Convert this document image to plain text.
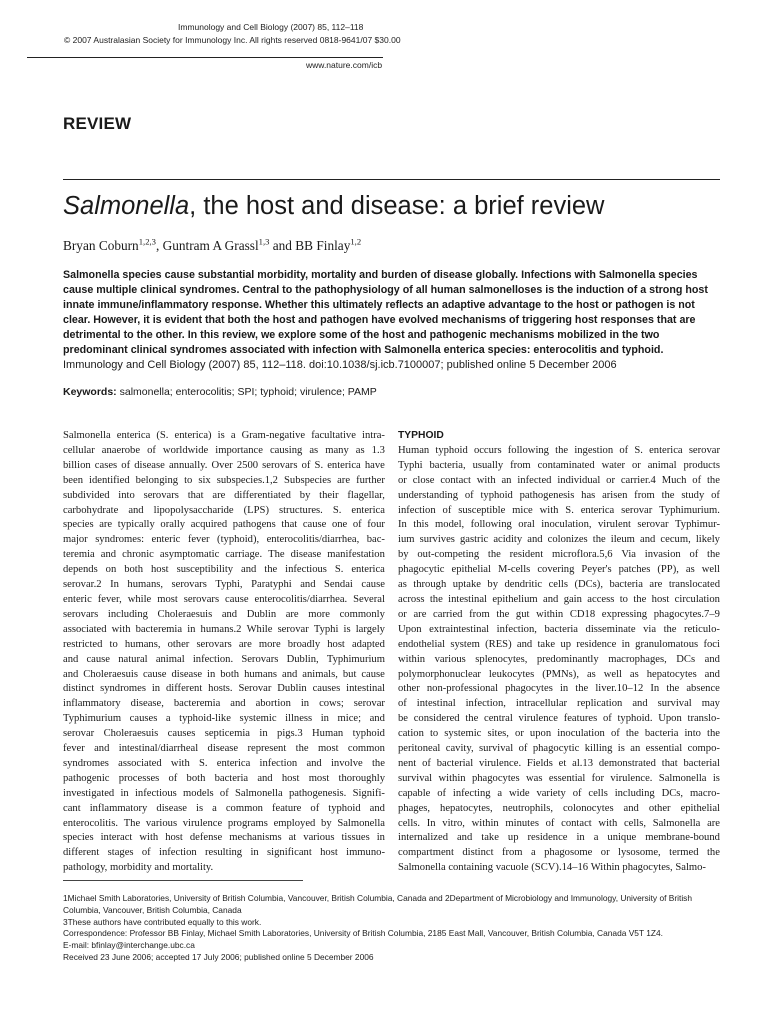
Immunology and Cell Biology (2007) 85, 112–118
© 2007 Australasian Society for Immunology Inc. All rights reserved 0818-9641/07 $30.00
www.nature.com/icb
REVIEW
Salmonella, the host and disease: a brief review
Bryan Coburn$^{1,2,3}$, Guntram A Grassl$^{1,3}$ and BB Finlay$^{1,2}$
Salmonella species cause substantial morbidity, mortality and burden of disease globally. Infections with Salmonella species
cause multiple clinical syndromes. Central to the pathophysiology of all human salmonelloses is the induction of a strong host
innate immune/inflammatory response. Whether this ultimately reflects an adaptive advantage to the host or pathogen is not
clear. However, it is evident that both the host and pathogen have evolved mechanisms of triggering host responses that are
detrimental to the other. In this review, we explore some of the host and pathogenic mechanisms mobilized in the two
predominant clinical syndromes associated with infection with Salmonella enterica species: enterocolitis and typhoid.
Immunology and Cell Biology (2007) 85, 112–118. doi:10.1038/sj.icb.7100007; published online 5 December 2006
Keywords: salmonella; enterocolitis; SPI; typhoid; virulence; PAMP
Salmonella enterica (S. enterica) is a Gram-negative facultative intra-
cellular anaerobe of worldwide importance causing as many as 1.3
billion cases of disease annually. Over 2500 serovars of S. enterica have
been identified belonging to six subspecies.1,2 Subspecies are further
subdivided into serovars that are differentiated by their flagellar,
carbohydrate and lipopolysaccharide (LPS) structures. S. enterica
species are typically orally acquired pathogens that cause one of four
major syndromes: enteric fever (typhoid), enterocolitis/diarrhea, bac-
teremia and chronic asymptomatic carriage. The disease manifestation
depends on both host susceptibility and the infectious S. enterica
serovar.2 In humans, serovars Typhi, Paratyphi and Sendai cause
enteric fever, while most serovars cause enterocolitis/diarrhea. Several
serovars including Choleraesuis and Dublin are more commonly
associated with bacteremia in humans.2 While serovar Typhi is largely
restricted to humans, other serovars are more broadly host adapted
and cause natural animal infection. Serovars Dublin, Typhimurium
and Choleraesuis cause disease in both humans and animals, but cause
distinct syndromes in different hosts. Serovar Dublin causes intestinal
inflammatory disease, bacteremia and abortion in cows; serovar
Typhimurium causes a typhoid-like systemic illness in mice; and
serovar Choleraesuis causes septicemia in pigs.3 Human typhoid
fever and intestinal/diarrheal disease represent the most common
syndromes associated with S. enterica infection and involve the
pathogenic processes of both bacteria and host most thoroughly
investigated in infectious models of Salmonella pathogenesis. Signifi-
cant inflammatory disease is a common feature of typhoid and
enterocolitis. The various virulence programs employed by Salmonella
species interact with host defense mechanisms at various tissues in
different stages of infection resulting in significant host immuno-
pathology, morbidity and mortality.
TYPHOID
Human typhoid occurs following the ingestion of S. enterica serovar
Typhi bacteria, usually from contaminated water or animal products
or close contact with an infected individual or carrier.4 Much of the
understanding of typhoid pathogenesis has arisen from the study of
infection of susceptible mice with S. enterica serovar Typhimurium.
In this model, following oral inoculation, virulent serovar Typhimur-
ium survives gastric acidity and colonizes the ileum and cecum, likely
by out-competing the resident microflora.5,6 Via invasion of the
phagocytic epithelial M-cells covering Peyer's patches (PP), as well
as through uptake by dendritic cells (DCs), bacteria are translocated
across the intestinal epithelium and gain access to the host circulation
or are carried from the gut within CD18 expressing phagocytes.7–9
Upon extraintestinal infection, bacteria disseminate via the reticulo-
endothelial system (RES) and take up residence in granulomatous foci
within various splenocytes, predominantly macrophages, DCs and
polymorphonuclear leukocytes (PMNs), as well as hepatocytes and
other non-professional phagocytes in the liver.10–12 In the absence
of intestinal infection, intracellular replication and survival may
be considered the central virulence features of typhoid. Upon translo-
cation to systemic sites, or upon inoculation of the bacteria into the
peritoneal cavity, survival of phagocytic killing is an essential compo-
nent of bacterial virulence. Fields et al.13 demonstrated that bacterial
survival within phagocytes was essential for virulence. Salmonella is
capable of infecting a wide variety of cells including DCs, macro-
phages, hepatocytes, neutrophils, colonocytes and other epithelial
cells. In vitro, within minutes of contact with cells, Salmonella are
internalized and take up residence in a unique membrane-bound
compartment distinct from a phagosome or lysosome, termed the
Salmonella containing vacuole (SCV).14–16 Within phagocytes, Salmo-
1Michael Smith Laboratories, University of British Columbia, Vancouver, British Columbia, Canada and 2Department of Microbiology and Immunology, University of British
Columbia, Vancouver, British Columbia, Canada
3These authors have contributed equally to this work.
Correspondence: Professor BB Finlay, Michael Smith Laboratories, University of British Columbia, 2185 East Mall, Vancouver, British Columbia, Canada V5T 1Z4.
E-mail: bfinlay@interchange.ubc.ca
Received 23 June 2006; accepted 17 July 2006; published online 5 December 2006
